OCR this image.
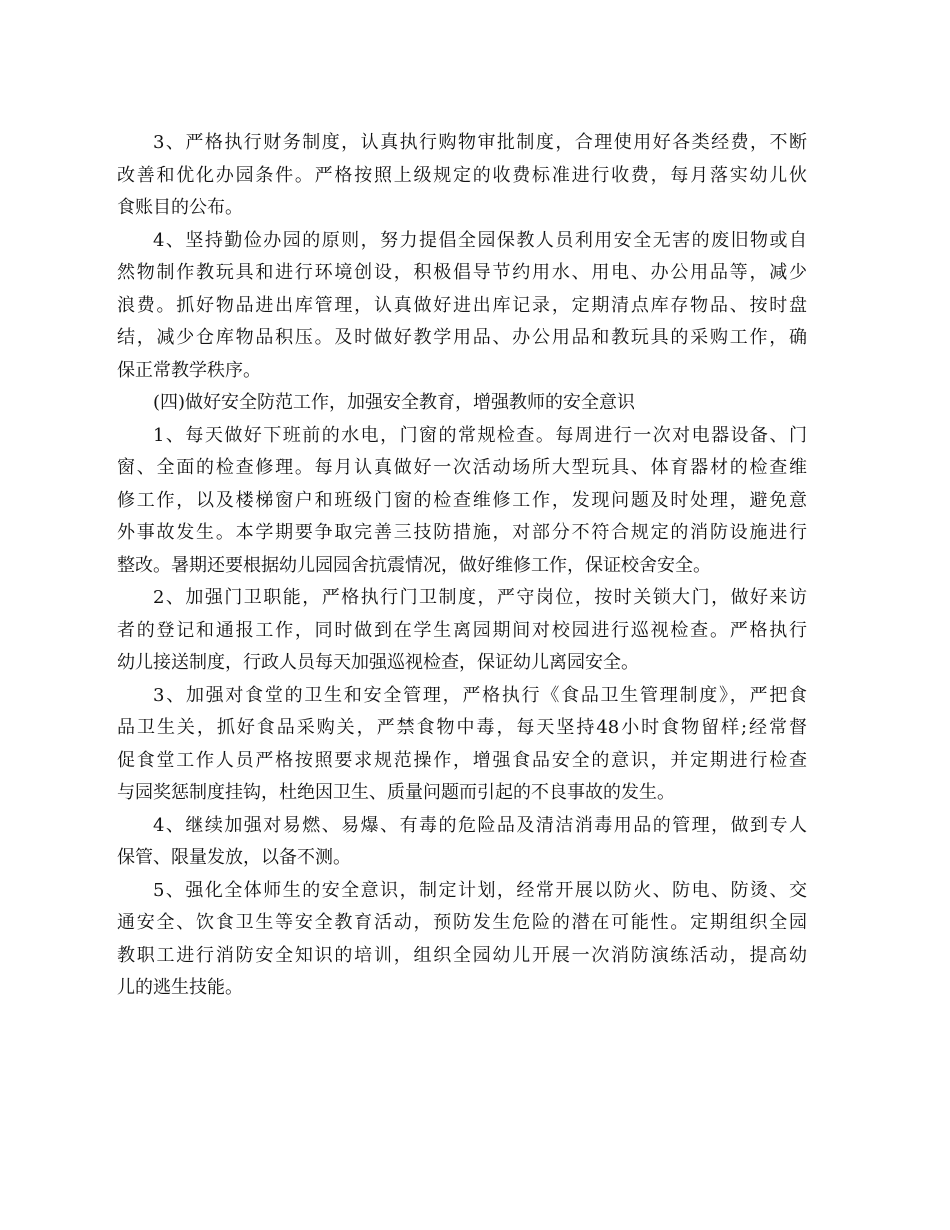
3、严格执行财务制度，认真执行购物审批制度，合理使用好各类经费，不断
改善和优化办园条件。严格按照上级规定的收费标准进行收费，每月落实幼儿伙
食账目的公布。
4、坚持勤俭办园的原则，努力提倡全园保教人员利用安全无害的废旧物或自
然物制作教玩具和进行环境创设，积极倡导节约用水、用电、办公用品等，减少
浪费。抓好物品进出库管理，认真做好进出库记录，定期清点库存物品、按时盘
结，减少仓库物品积压。及时做好教学用品、办公用品和教玩具的采购工作，确
保正常教学秩序。
(四)做好安全防范工作，加强安全教育，增强教师的安全意识
1、每天做好下班前的水电，门窗的常规检查。每周进行一次对电器设备、门
窗、全面的检查修理。每月认真做好一次活动场所大型玩具、体育器材的检查维
修工作，以及楼梯窗户和班级门窗的检查维修工作，发现问题及时处理，避免意
外事故发生。本学期要争取完善三技防措施，对部分不符合规定的消防设施进行
整改。暑期还要根据幼儿园园舍抗震情况，做好维修工作，保证校舍安全。
2、加强门卫职能，严格执行门卫制度，严守岗位，按时关锁大门，做好来访
者的登记和通报工作，同时做到在学生离园期间对校园进行巡视检查。严格执行
幼儿接送制度，行政人员每天加强巡视检查，保证幼儿离园安全。
3、加强对食堂的卫生和安全管理，严格执行《食品卫生管理制度》，严把食
品卫生关，抓好食品采购关，严禁食物中毒，每天坚持48小时食物留样;经常督
促食堂工作人员严格按照要求规范操作，增强食品安全的意识，并定期进行检查
与园奖惩制度挂钩，杜绝因卫生、质量问题而引起的不良事故的发生。
4、继续加强对易燃、易爆、有毒的危险品及清洁消毒用品的管理，做到专人
保管、限量发放，以备不测。
5、强化全体师生的安全意识，制定计划，经常开展以防火、防电、防烫、交
通安全、饮食卫生等安全教育活动，预防发生危险的潜在可能性。定期组织全园
教职工进行消防安全知识的培训，组织全园幼儿开展一次消防演练活动，提高幼
儿的逃生技能。
